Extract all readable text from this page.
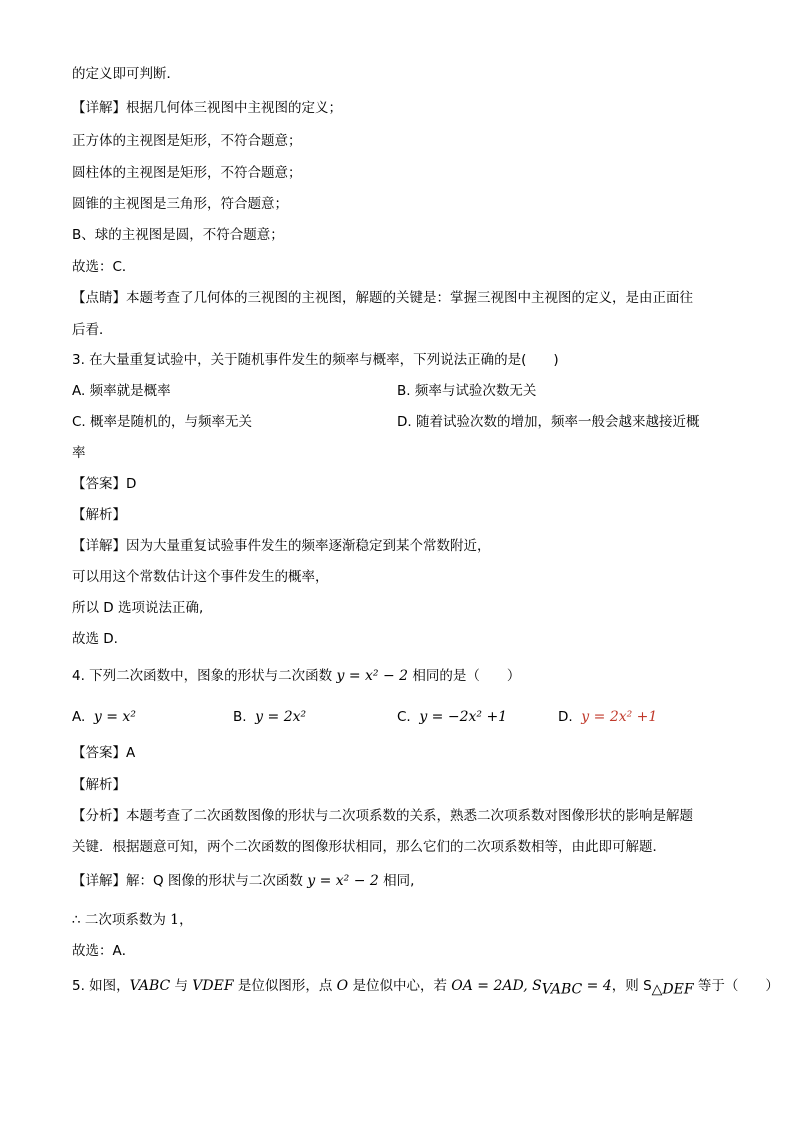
的定义即可判断．
【详解】根据几何体三视图中主视图的定义；
正方体的主视图是矩形，不符合题意；
圆柱体的主视图是矩形，不符合题意；
圆锥的主视图是三角形，符合题意；
B、球的主视图是圆，不符合题意；
故选：C．
【点睛】本题考查了几何体的三视图的主视图，解题的关键是：掌握三视图中主视图的定义，是由正面往
后看．
3. 在大量重复试验中，关于随机事件发生的频率与概率，下列说法正确的是(　　)
A. 频率就是概率	B. 频率与试验次数无关
C. 概率是随机的，与频率无关	D. 随着试验次数的增加，频率一般会越来越接近概
率
【答案】D
【解析】
【详解】因为大量重复试验事件发生的频率逐渐稳定到某个常数附近，
可以用这个常数估计这个事件发生的概率，
所以 D 选项说法正确,
故选 D.
4. 下列二次函数中，图象的形状与二次函数 y = x² − 2 相同的是（　　）
A. y = x²	B. y = 2x²	C. y = −2x² +1	D. y = 2x² +1
【答案】A
【解析】
【分析】本题考查了二次函数图像的形状与二次项系数的关系，熟悉二次项系数对图像形状的影响是解题
关键．根据题意可知，两个二次函数的图像形状相同，那么它们的二次项系数相等，由此即可解题．
【详解】解：Q 图像的形状与二次函数 y = x² − 2 相同,
∴ 二次项系数为 1，
故选：A．
5. 如图，VABC 与 VDEF 是位似图形，点 O 是位似中心，若 OA = 2AD, $S_{VABC} = 4$，则 $S_{\triangle DEF}$ 等于（　　）
